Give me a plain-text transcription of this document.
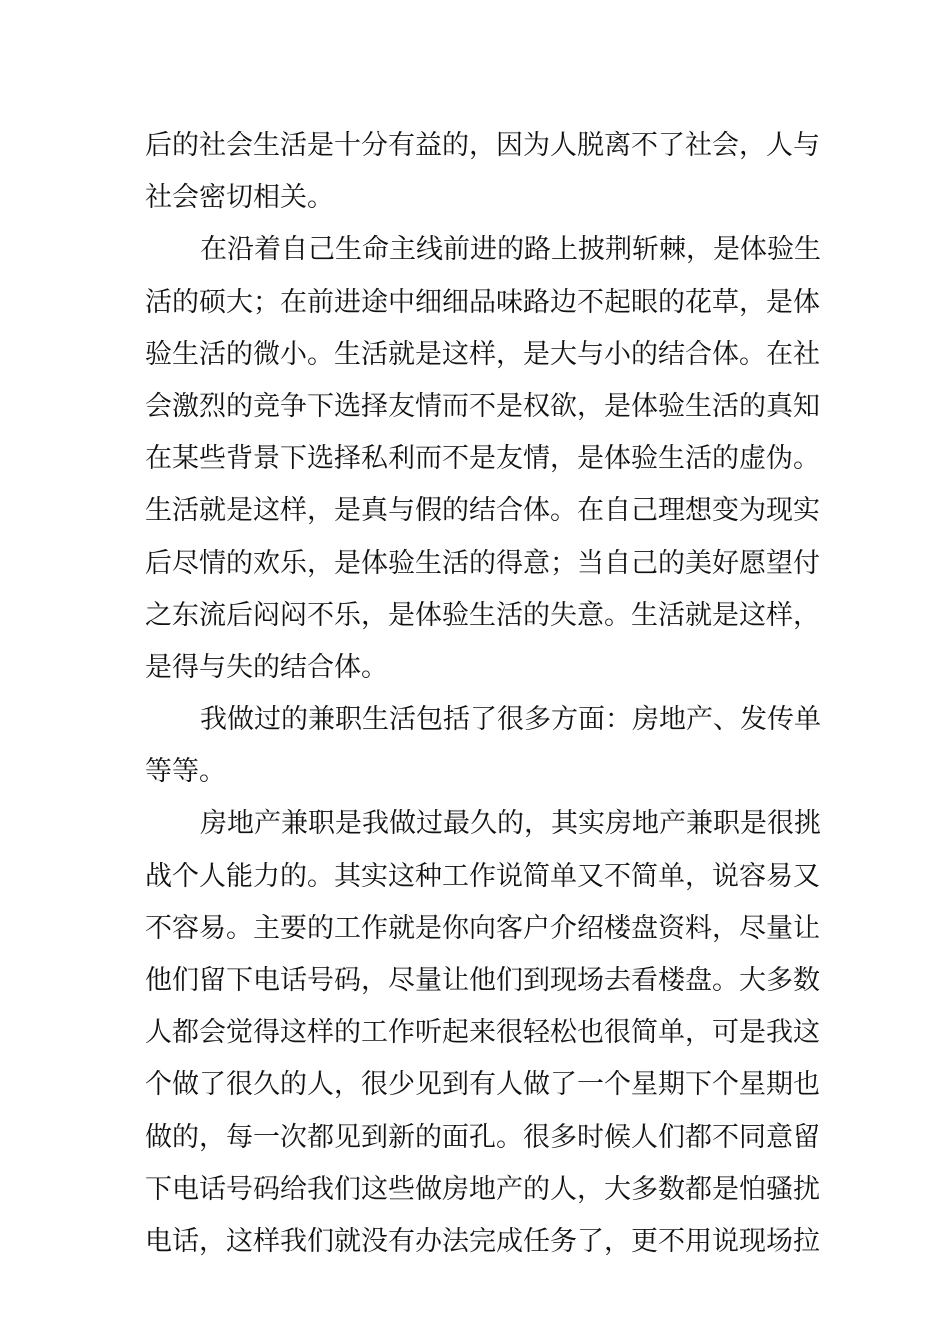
后的社会生活是十分有益的，因为人脱离不了社会，人与
社会密切相关。
在沿着自己生命主线前进的路上披荆斩棘，是体验生
活的硕大；在前进途中细细品味路边不起眼的花草，是体
验生活的微小。生活就是这样，是大与小的结合体。在社
会激烈的竞争下选择友情而不是权欲，是体验生活的真知
在某些背景下选择私利而不是友情，是体验生活的虚伪。
生活就是这样，是真与假的结合体。在自己理想变为现实
后尽情的欢乐，是体验生活的得意；当自己的美好愿望付
之东流后闷闷不乐，是体验生活的失意。生活就是这样，
是得与失的结合体。
我做过的兼职生活包括了很多方面：房地产、发传单
等等。
房地产兼职是我做过最久的，其实房地产兼职是很挑
战个人能力的。其实这种工作说简单又不简单，说容易又
不容易。主要的工作就是你向客户介绍楼盘资料，尽量让
他们留下电话号码，尽量让他们到现场去看楼盘。大多数
人都会觉得这样的工作听起来很轻松也很简单，可是我这
个做了很久的人，很少见到有人做了一个星期下个星期也
做的，每一次都见到新的面孔。很多时候人们都不同意留
下电话号码给我们这些做房地产的人，大多数都是怕骚扰
电话，这样我们就没有办法完成任务了，更不用说现场拉
